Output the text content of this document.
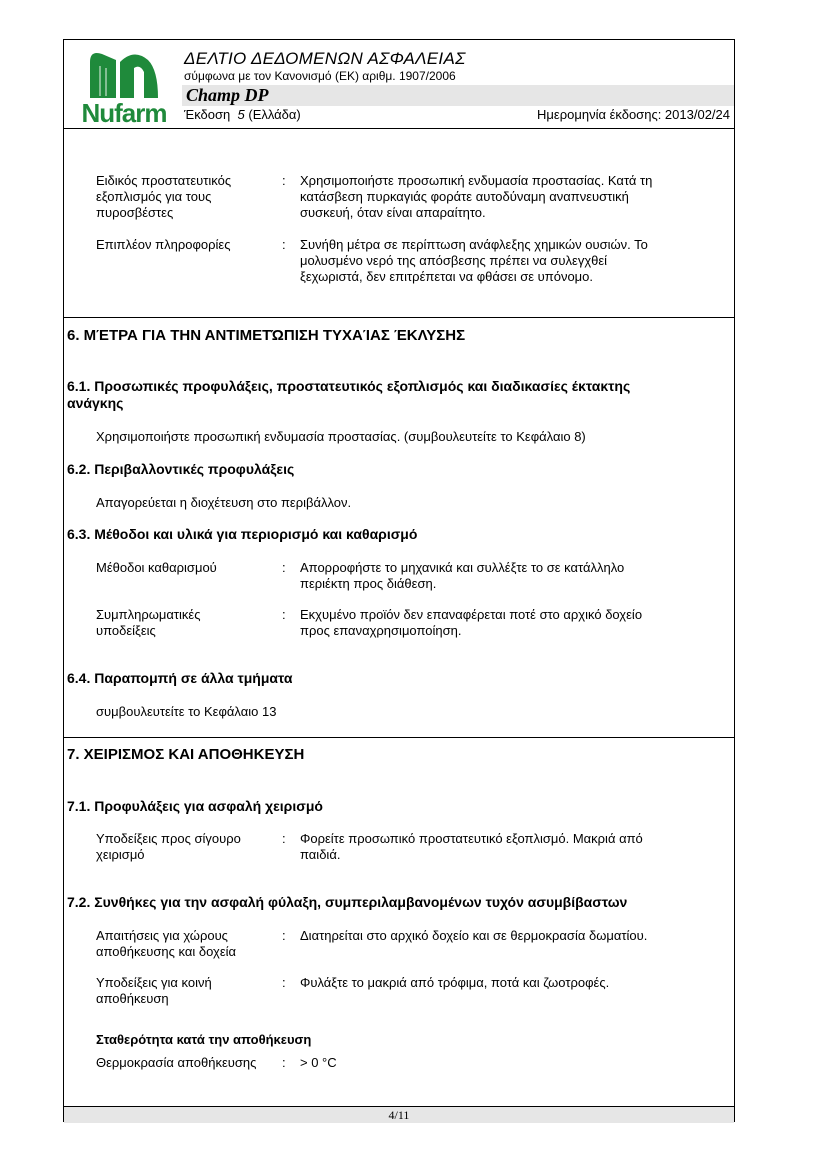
Nufarm
ΔΕΛΤΙΟ ΔΕΔΟΜΕΝΩΝ ΑΣΦΑΛΕΙΑΣ
σύμφωνα με τον Κανονισμό (ΕΚ) αριθμ. 1907/2006
Champ DP
Έκδοση 5 (Ελλάδα)	Ημερομηνία έκδοσης: 2013/02/24
Ειδικός προστατευτικός
εξοπλισμός για τους
πυροσβέστες
: Χρησιμοποιήστε προσωπική ενδυμασία προστασίας. Κατά τη
κατάσβεση πυρκαγιάς φοράτε αυτοδύναμη αναπνευστική
συσκευή, όταν είναι απαραίτητο.
Επιπλέον πληροφορίες	: Συνήθη μέτρα σε περίπτωση ανάφλεξης χημικών ουσιών. Το
μολυσμένο νερό της απόσβεσης πρέπει να συλεγχθεί
ξεχωριστά, δεν επιτρέπεται να φθάσει σε υπόνομο.
6. ΜΈΤΡΑ ΓΙΑ ΤΗΝ ΑΝΤΙΜΕΤΏΠΙΣΗ ΤΥΧΑΊΑΣ ΈΚΛΥΣΗΣ
6.1. Προσωπικές προφυλάξεις, προστατευτικός εξοπλισμός και διαδικασίες έκτακτης
ανάγκης
Χρησιμοποιήστε προσωπική ενδυμασία προστασίας. (συμβουλευτείτε το Κεφάλαιο 8)
6.2. Περιβαλλοντικές προφυλάξεις
Απαγορεύεται η διοχέτευση στο περιβάλλον.
6.3. Μέθοδοι και υλικά για περιορισμό και καθαρισμό
Μέθοδοι καθαρισμού	: Απορροφήστε το μηχανικά και συλλέξτε το σε κατάλληλο
περιέκτη προς διάθεση.
Συμπληρωματικές
υποδείξεις
: Εκχυμένο προϊόν δεν επαναφέρεται ποτέ στο αρχικό δοχείο
προς επαναχρησιμοποίηση.
6.4. Παραπομπή σε άλλα τμήματα
συμβουλευτείτε το Κεφάλαιο 13
7. ΧΕΙΡΙΣΜΟΣ ΚΑΙ ΑΠΟΘΗΚΕΥΣΗ
7.1. Προφυλάξεις για ασφαλή χειρισμό
Υποδείξεις προς σίγουρο
χειρισμό
: Φορείτε προσωπικό προστατευτικό εξοπλισμό. Μακριά από
παιδιά.
7.2. Συνθήκες για την ασφαλή φύλαξη, συμπεριλαμβανομένων τυχόν ασυμβίβαστων
Απαιτήσεις για χώρους
αποθήκευσης και δοχεία
: Διατηρείται στο αρχικό δοχείο και σε θερμοκρασία δωματίου.
Υποδείξεις για κοινή
αποθήκευση
: Φυλάξτε το μακριά από τρόφιμα, ποτά και ζωοτροφές.
Σταθερότητα κατά την αποθήκευση
Θερμοκρασία αποθήκευσης	: > 0 °C
4/11
